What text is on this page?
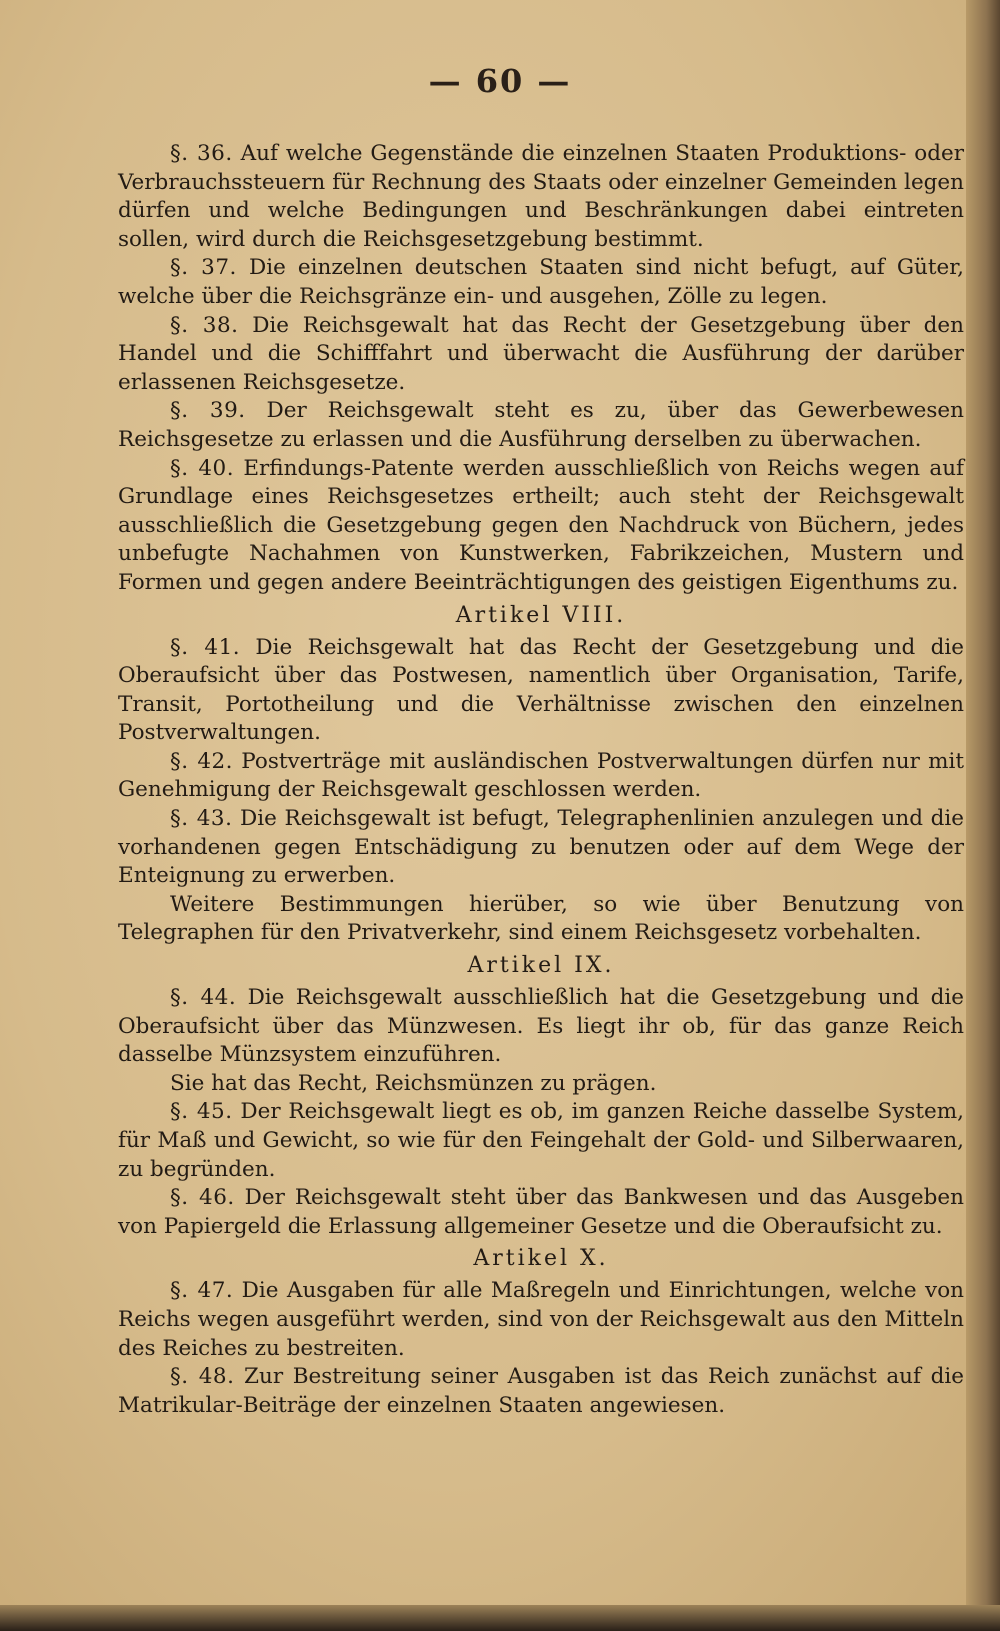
— 60 —

§. 36. Auf welche Gegenstände die einzelnen Staaten Produktions- oder Verbrauchssteuern für Rechnung des Staats oder einzelner Gemeinden legen dürfen und welche Bedingungen und Beschränkungen dabei eintreten sollen, wird durch die Reichsgesetzgebung bestimmt.

§. 37. Die einzelnen deutschen Staaten sind nicht befugt, auf Güter, welche über die Reichsgränze ein- und ausgehen, Zölle zu legen.

§. 38. Die Reichsgewalt hat das Recht der Gesetzgebung über den Handel und die Schifffahrt und überwacht die Ausführung der darüber erlassenen Reichsgesetze.

§. 39. Der Reichsgewalt steht es zu, über das Gewerbewesen Reichsgesetze zu erlassen und die Ausführung derselben zu überwachen.

§. 40. Erfindungs-Patente werden ausschließlich von Reichs wegen auf Grundlage eines Reichsgesetzes ertheilt; auch steht der Reichsgewalt ausschließlich die Gesetzgebung gegen den Nachdruck von Büchern, jedes unbefugte Nachahmen von Kunstwerken, Fabrikzeichen, Mustern und Formen und gegen andere Beeinträchtigungen des geistigen Eigenthums zu.

Artikel VIII.

§. 41. Die Reichsgewalt hat das Recht der Gesetzgebung und die Oberaufsicht über das Postwesen, namentlich über Organisation, Tarife, Transit, Portotheilung und die Verhältnisse zwischen den einzelnen Postverwaltungen.

§. 42. Postverträge mit ausländischen Postverwaltungen dürfen nur mit Genehmigung der Reichsgewalt geschlossen werden.

§. 43. Die Reichsgewalt ist befugt, Telegraphenlinien anzulegen und die vorhandenen gegen Entschädigung zu benutzen oder auf dem Wege der Enteignung zu erwerben.

Weitere Bestimmungen hierüber, so wie über Benutzung von Telegraphen für den Privatverkehr, sind einem Reichsgesetz vorbehalten.

Artikel IX.

§. 44. Die Reichsgewalt ausschließlich hat die Gesetzgebung und die Oberaufsicht über das Münzwesen. Es liegt ihr ob, für das ganze Reich dasselbe Münzsystem einzuführen.

Sie hat das Recht, Reichsmünzen zu prägen.

§. 45. Der Reichsgewalt liegt es ob, im ganzen Reiche dasselbe System, für Maß und Gewicht, so wie für den Feingehalt der Gold- und Silberwaaren, zu begründen.

§. 46. Der Reichsgewalt steht über das Bankwesen und das Ausgeben von Papiergeld die Erlassung allgemeiner Gesetze und die Oberaufsicht zu.

Artikel X.

§. 47. Die Ausgaben für alle Maßregeln und Einrichtungen, welche von Reichs wegen ausgeführt werden, sind von der Reichsgewalt aus den Mitteln des Reiches zu bestreiten.

§. 48. Zur Bestreitung seiner Ausgaben ist das Reich zunächst auf die Matrikular-Beiträge der einzelnen Staaten angewiesen.
